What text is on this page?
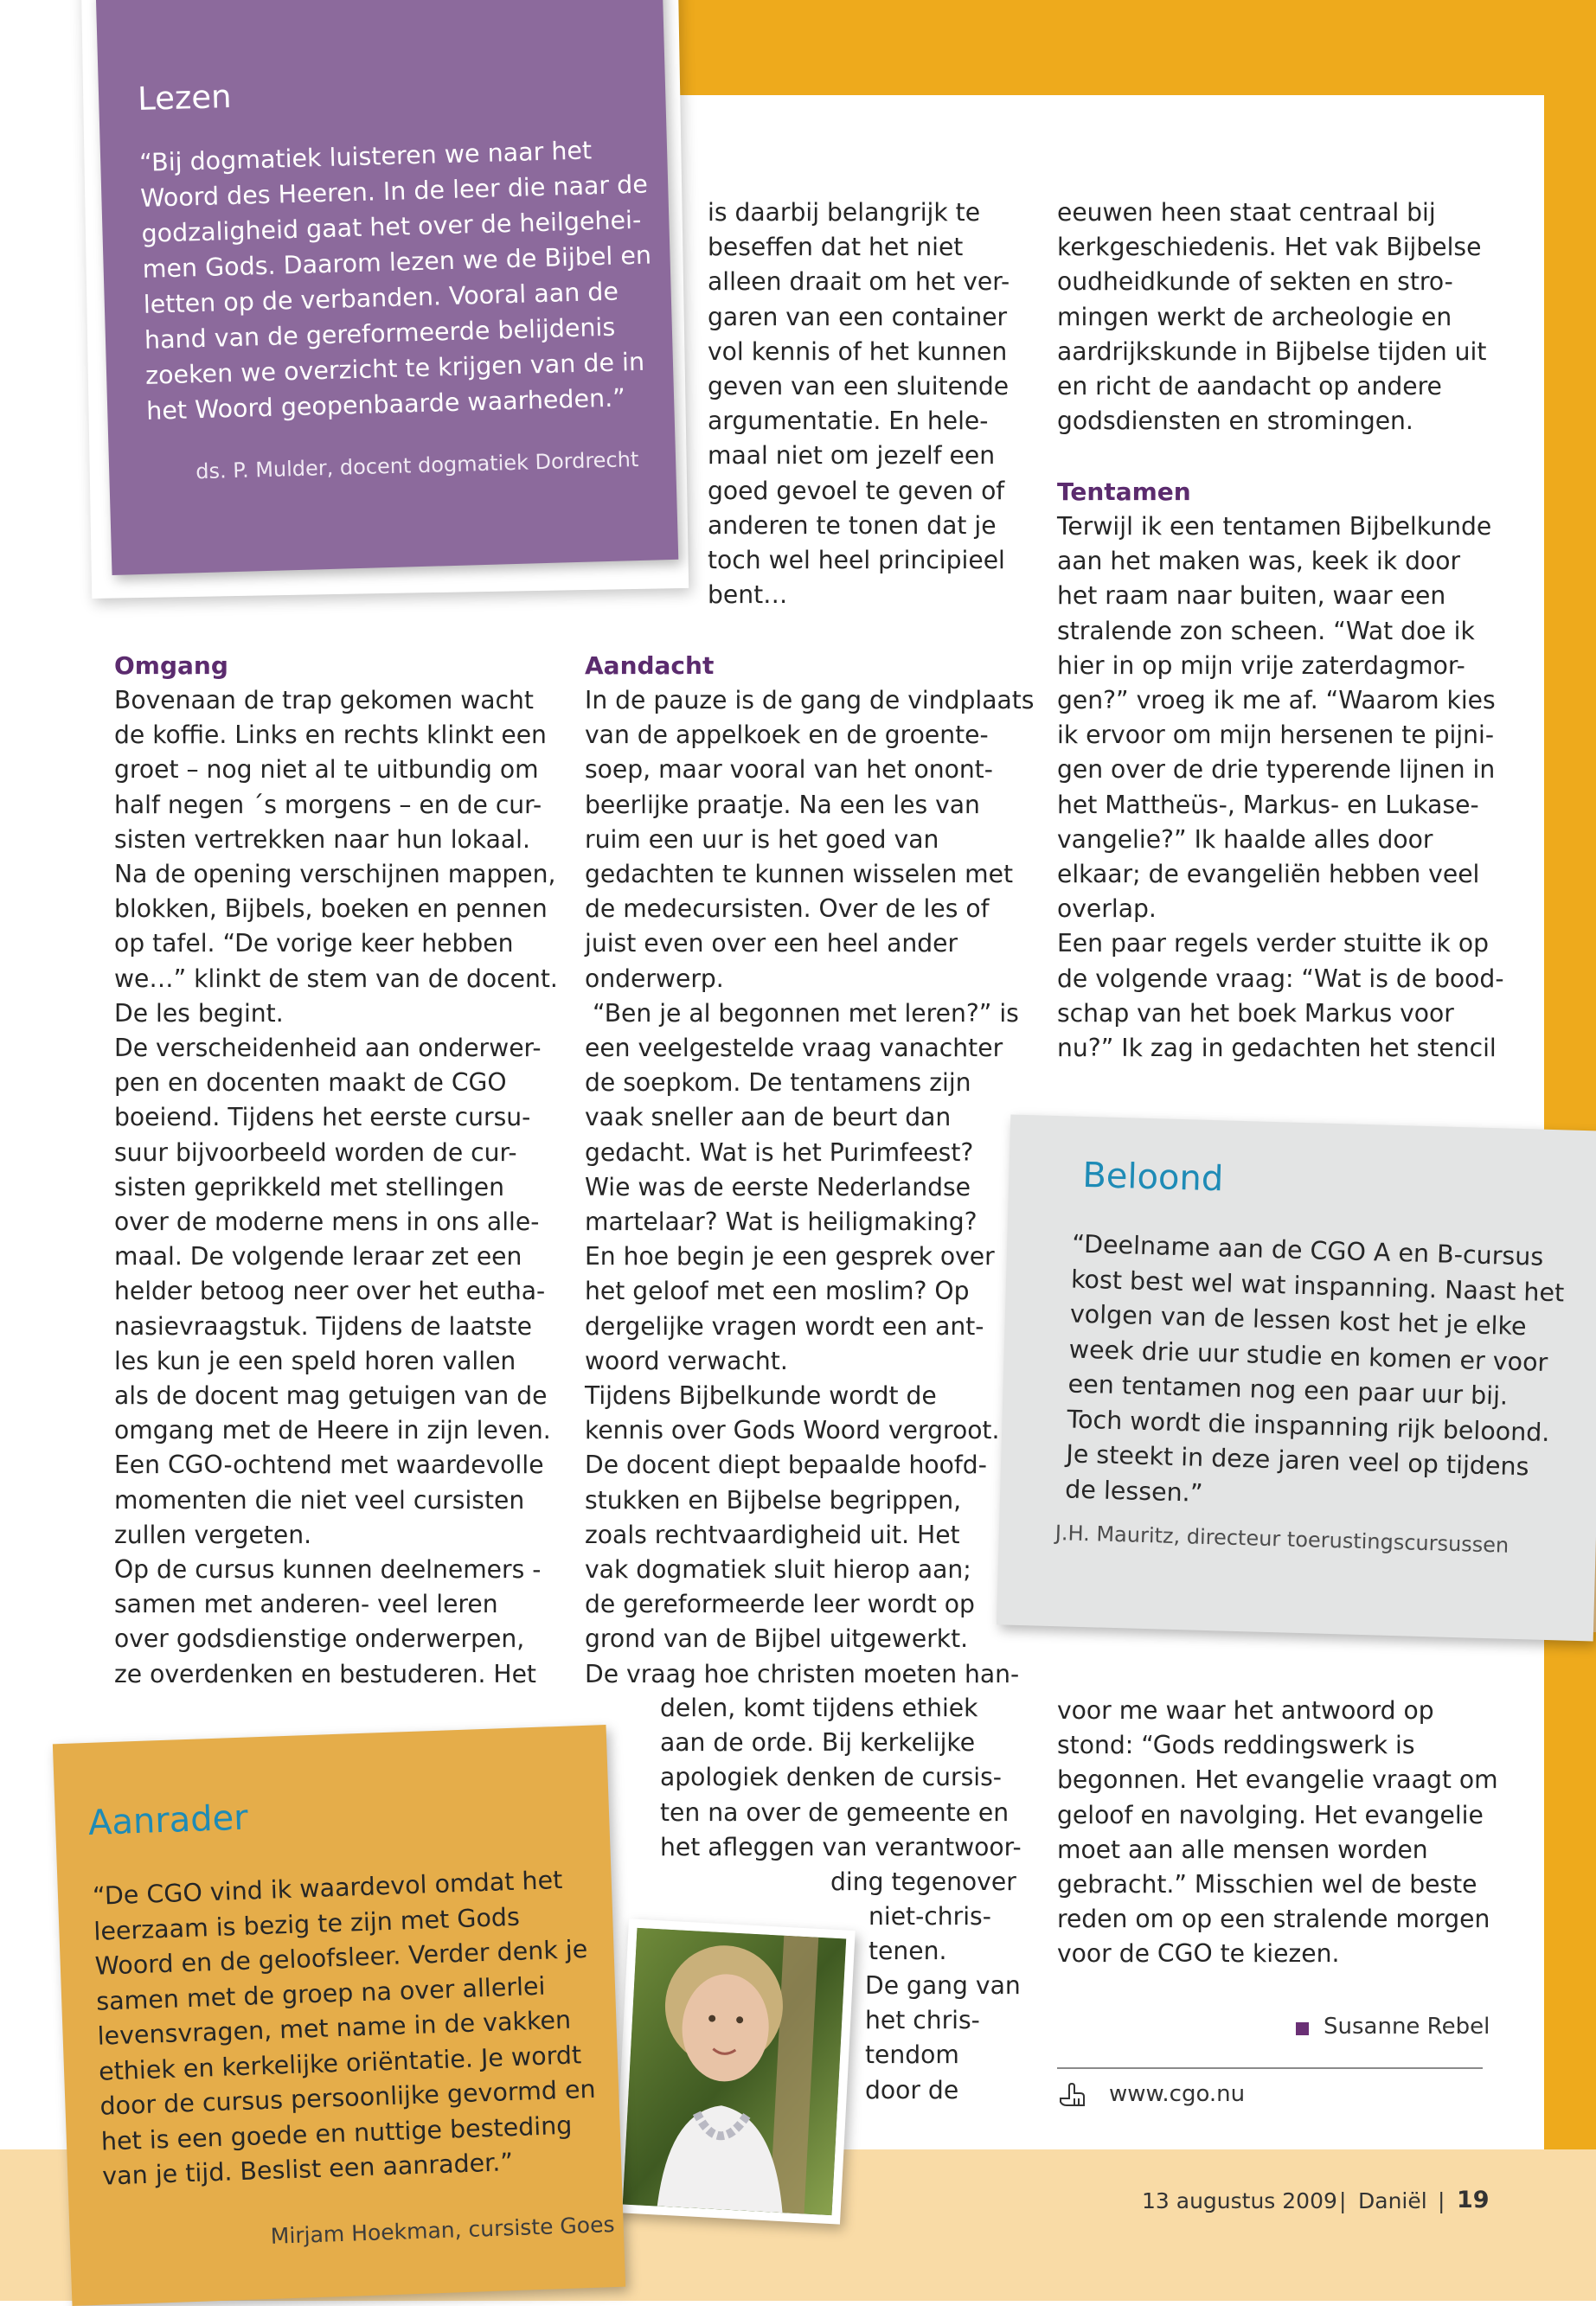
Lezen
“Bij dogmatiek luisteren we naar het
Woord des Heeren. In de leer die naar de
godzaligheid gaat het over de heilgehei-
men Gods. Daarom lezen we de Bijbel en
letten op de verbanden. Vooral aan de
hand van de gereformeerde belijdenis
zoeken we overzicht te krijgen van de in
het Woord geopenbaarde waarheden.”
ds. P. Mulder, docent dogmatiek Dordrecht
is daarbij belangrijk te
beseffen dat het niet
alleen draait om het ver-
garen van een container
vol kennis of het kunnen
geven van een sluitende
argumentatie. En hele-
maal niet om jezelf een
goed gevoel te geven of
anderen te tonen dat je
toch wel heel principieel
bent…
eeuwen heen staat centraal bij
kerkgeschiedenis. Het vak Bijbelse
oudheidkunde of sekten en stro-
mingen werkt de archeologie en
aardrijkskunde in Bijbelse tijden uit
en richt de aandacht op andere
godsdiensten en stromingen.
Tentamen
Terwijl ik een tentamen Bijbelkunde
aan het maken was, keek ik door
het raam naar buiten, waar een
stralende zon scheen. “Wat doe ik
hier in op mijn vrije zaterdagmor-
gen?” vroeg ik me af. “Waarom kies
ik ervoor om mijn hersenen te pijni-
gen over de drie typerende lijnen in
het Mattheüs-, Markus- en Lukase-
vangelie?” Ik haalde alles door
elkaar; de evangeliën hebben veel
overlap.
Een paar regels verder stuitte ik op
de volgende vraag: “Wat is de bood-
schap van het boek Markus voor
nu?” Ik zag in gedachten het stencil
Omgang
Bovenaan de trap gekomen wacht
de koffie. Links en rechts klinkt een
groet – nog niet al te uitbundig om
half negen ´s morgens – en de cur-
sisten vertrekken naar hun lokaal.
Na de opening verschijnen mappen,
blokken, Bijbels, boeken en pennen
op tafel. “De vorige keer hebben
we…” klinkt de stem van de docent.
De les begint.
De verscheidenheid aan onderwer-
pen en docenten maakt de CGO
boeiend. Tijdens het eerste cursu-
suur bijvoorbeeld worden de cur-
sisten geprikkeld met stellingen
over de moderne mens in ons alle-
maal. De volgende leraar zet een
helder betoog neer over het eutha-
nasievraagstuk. Tijdens de laatste
les kun je een speld horen vallen
als de docent mag getuigen van de
omgang met de Heere in zijn leven.
Een CGO-ochtend met waardevolle
momenten die niet veel cursisten
zullen vergeten.
Op de cursus kunnen deelnemers -
samen met anderen- veel leren
over godsdienstige onderwerpen,
ze overdenken en bestuderen. Het
Aandacht
In de pauze is de gang de vindplaats
van de appelkoek en de groente-
soep, maar vooral van het onont-
beerlijke praatje. Na een les van
ruim een uur is het goed van
gedachten te kunnen wisselen met
de medecursisten. Over de les of
juist even over een heel ander
onderwerp.
“Ben je al begonnen met leren?” is
een veelgestelde vraag vanachter
de soepkom. De tentamens zijn
vaak sneller aan de beurt dan
gedacht. Wat is het Purimfeest?
Wie was de eerste Nederlandse
martelaar? Wat is heiligmaking?
En hoe begin je een gesprek over
het geloof met een moslim? Op
dergelijke vragen wordt een ant-
woord verwacht.
Tijdens Bijbelkunde wordt de
kennis over Gods Woord vergroot.
De docent diept bepaalde hoofd-
stukken en Bijbelse begrippen,
zoals rechtvaardigheid uit. Het
vak dogmatiek sluit hierop aan;
de gereformeerde leer wordt op
grond van de Bijbel uitgewerkt.
De vraag hoe christen moeten han-
delen, komt tijdens ethiek
aan de orde. Bij kerkelijke
apologiek denken de cursis-
ten na over de gemeente en
het afleggen van verantwoor-
ding tegenover
niet-chris-
tenen.
De gang van
het chris-
tendom
door de
Beloond
“Deelname aan de CGO A en B-cursus
kost best wel wat inspanning. Naast het
volgen van de lessen kost het je elke
week drie uur studie en komen er voor
een tentamen nog een paar uur bij.
Toch wordt die inspanning rijk beloond.
Je steekt in deze jaren veel op tijdens
de lessen.”
J.H. Mauritz, directeur toerustingscursussen
voor me waar het antwoord op
stond: “Gods reddingswerk is
begonnen. Het evangelie vraagt om
geloof en navolging. Het evangelie
moet aan alle mensen worden
gebracht.” Misschien wel de beste
reden om op een stralende morgen
voor de CGO te kiezen.
Susanne Rebel
www.cgo.nu
Aanrader
“De CGO vind ik waardevol omdat het
leerzaam is bezig te zijn met Gods
Woord en de geloofsleer. Verder denk je
samen met de groep na over allerlei
levensvragen, met name in de vakken
ethiek en kerkelijke oriëntatie. Je wordt
door de cursus persoonlijke gevormd en
het is een goede en nuttige besteding
van je tijd. Beslist een aanrader.”
Mirjam Hoekman, cursiste Goes
13 augustus 2009 | Daniël | 19
